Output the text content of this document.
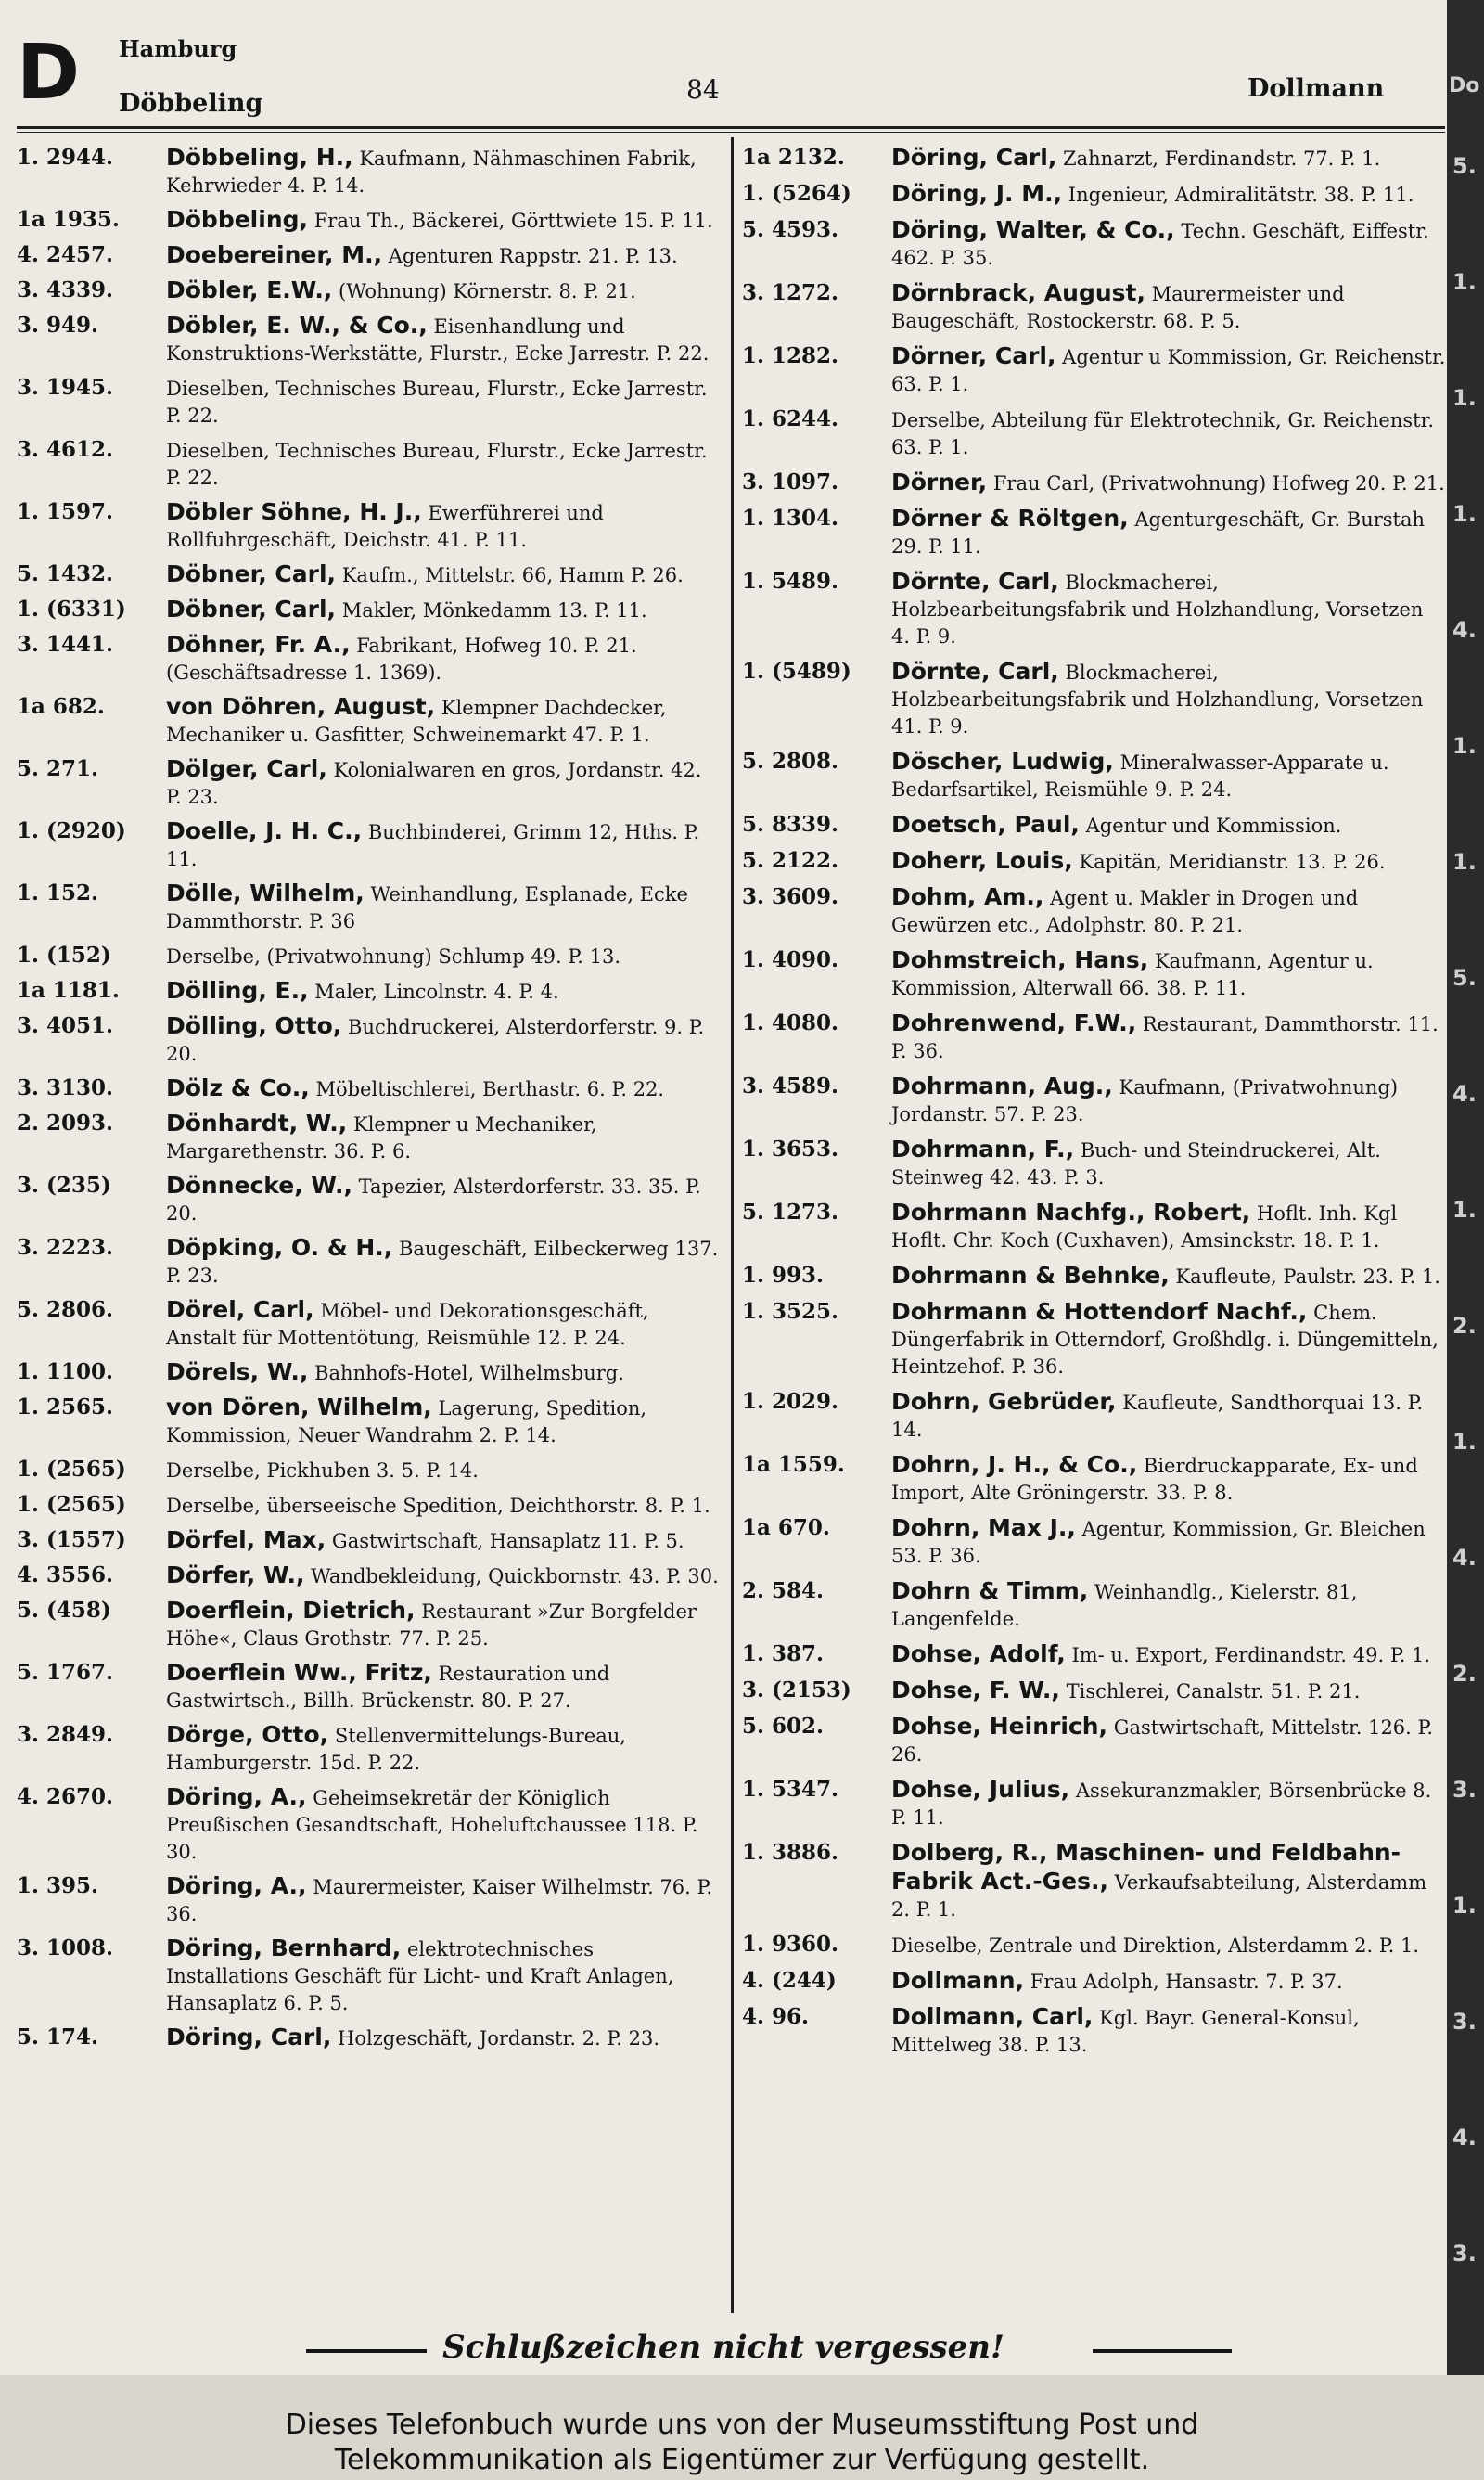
D Hamburg
Döbbeling	84	Dollmann
1. 2944.	Döbbeling, H., Kaufmann, Nähmaschinen Fabrik, Kehrwieder 4. P. 14.
1a 1935.	Döbbeling, Frau Th., Bäckerei, Görttwiete 15. P. 11.
4. 2457.	Doebereiner, M., Agenturen Rappstr. 21. P. 13.
3. 4339.	Döbler, E.W., (Wohnung) Körnerstr. 8. P. 21.
3. 949.	Döbler, E. W., & Co., Eisenhandlung und Konstruktions-Werkstätte, Flurstr., Ecke Jarrestr. P. 22.
3. 1945.	Dieselben, Technisches Bureau, Flurstr., Ecke Jarrestr. P. 22.
3. 4612.	Dieselben, Technisches Bureau, Flurstr., Ecke Jarrestr. P. 22.
1. 1597.	Döbler Söhne, H. J., Ewerführerei und Rollfuhrgeschäft, Deichstr. 41. P. 11.
5. 1432.	Döbner, Carl, Kaufm., Mittelstr. 66, Hamm P. 26.
1. (6331)	Döbner, Carl, Makler, Mönkedamm 13. P. 11.
3. 1441.	Döhner, Fr. A., Fabrikant, Hofweg 10. P. 21. (Geschäftsadresse 1. 1369).
1a 682.	von Döhren, August, Klempner Dachdecker, Mechaniker u. Gasfitter, Schweinemarkt 47. P. 1.
5. 271.	Dölger, Carl, Kolonialwaren en gros, Jordanstr. 42. P. 23.
1. (2920)	Doelle, J. H. C., Buchbinderei, Grimm 12, Hths. P. 11.
1. 152.	Dölle, Wilhelm, Weinhandlung, Esplanade, Ecke Dammthorstr. P. 36
1. (152)	Derselbe, (Privatwohnung) Schlump 49. P. 13.
1a 1181.	Dölling, E., Maler, Lincolnstr. 4. P. 4.
3. 4051.	Dölling, Otto, Buchdruckerei, Alsterdorferstr. 9. P. 20.
3. 3130.	Dölz & Co., Möbeltischlerei, Berthastr. 6. P. 22.
2. 2093.	Dönhardt, W., Klempner u Mechaniker, Margarethenstr. 36. P. 6.
3. (235)	Dönnecke, W., Tapezier, Alsterdorferstr. 33. 35. P. 20.
3. 2223.	Döpking, O. & H., Baugeschäft, Eilbeckerweg 137. P. 23.
5. 2806.	Dörel, Carl, Möbel- und Dekorationsgeschäft, Anstalt für Mottentötung, Reismühle 12. P. 24.
1. 1100.	Dörels, W., Bahnhofs-Hotel, Wilhelmsburg.
1. 2565.	von Dören, Wilhelm, Lagerung, Spedition, Kommission, Neuer Wandrahm 2. P. 14.
1. (2565)	Derselbe, Pickhuben 3. 5. P. 14.
1. (2565)	Derselbe, überseeische Spedition, Deichthorstr. 8. P. 1.
3. (1557)	Dörfel, Max, Gastwirtschaft, Hansaplatz 11. P. 5.
4. 3556.	Dörfer, W., Wandbekleidung, Quickbornstr. 43. P. 30.
5. (458)	Doerflein, Dietrich, Restaurant »Zur Borgfelder Höhe«, Claus Grothstr. 77. P. 25.
5. 1767.	Doerflein Ww., Fritz, Restauration und Gastwirtsch., Billh. Brückenstr. 80. P. 27.
3. 2849.	Dörge, Otto, Stellenvermittelungs-Bureau, Hamburgerstr. 15d. P. 22.
4. 2670.	Döring, A., Geheimsekretär der Königlich Preußischen Gesandtschaft, Hoheluftchaussee 118. P. 30.
1. 395.	Döring, A., Maurermeister, Kaiser Wilhelmstr. 76. P. 36.
3. 1008.	Döring, Bernhard, elektrotechnisches Installations Geschäft für Licht- und Kraft Anlagen, Hansaplatz 6. P. 5.
5. 174.	Döring, Carl, Holzgeschäft, Jordanstr. 2. P. 23.
1a 2132.	Döring, Carl, Zahnarzt, Ferdinandstr. 77. P. 1.
1. (5264)	Döring, J. M., Ingenieur, Admiralitätstr. 38. P. 11.
5. 4593.	Döring, Walter, & Co., Techn. Geschäft, Eiffestr. 462. P. 35.
3. 1272.	Dörnbrack, August, Maurermeister und Baugeschäft, Rostockerstr. 68. P. 5.
1. 1282.	Dörner, Carl, Agentur u Kommission, Gr. Reichenstr. 63. P. 1.
1. 6244.	Derselbe, Abteilung für Elektrotechnik, Gr. Reichenstr. 63. P. 1.
3. 1097.	Dörner, Frau Carl, (Privatwohnung) Hofweg 20. P. 21.
1. 1304.	Dörner & Röltgen, Agenturgeschäft, Gr. Burstah 29. P. 11.
1. 5489.	Dörnte, Carl, Blockmacherei, Holzbearbeitungsfabrik und Holzhandlung, Vorsetzen 4. P. 9.
1. (5489)	Dörnte, Carl, Blockmacherei, Holzbearbeitungsfabrik und Holzhandlung, Vorsetzen 41. P. 9.
5. 2808.	Döscher, Ludwig, Mineralwasser-Apparate u. Bedarfsartikel, Reismühle 9. P. 24.
5. 8339.	Doetsch, Paul, Agentur und Kommission.
5. 2122.	Doherr, Louis, Kapitän, Meridianstr. 13. P. 26.
3. 3609.	Dohm, Am., Agent u. Makler in Drogen und Gewürzen etc., Adolphstr. 80. P. 21.
1. 4090.	Dohmstreich, Hans, Kaufmann, Agentur u. Kommission, Alterwall 66. 38. P. 11.
1. 4080.	Dohrenwend, F.W., Restaurant, Dammthorstr. 11. P. 36.
3. 4589.	Dohrmann, Aug., Kaufmann, (Privatwohnung) Jordanstr. 57. P. 23.
1. 3653.	Dohrmann, F., Buch- und Steindruckerei, Alt. Steinweg 42. 43. P. 3.
5. 1273.	Dohrmann Nachfg., Robert, Hoflt. Inh. Kgl Hoflt. Chr. Koch (Cuxhaven), Amsinckstr. 18. P. 1.
1. 993.	Dohrmann & Behnke, Kaufleute, Paulstr. 23. P. 1.
1. 3525.	Dohrmann & Hottendorf Nachf., Chem. Düngerfabrik in Otterndorf, Großhdlg. i. Düngemitteln, Heintzehof. P. 36.
1. 2029.	Dohrn, Gebrüder, Kaufleute, Sandthorquai 13. P. 14.
1a 1559.	Dohrn, J. H., & Co., Bierdruckapparate, Ex- und Import, Alte Gröningerstr. 33. P. 8.
1a 670.	Dohrn, Max J., Agentur, Kommission, Gr. Bleichen 53. P. 36.
2. 584.	Dohrn & Timm, Weinhandlg., Kielerstr. 81, Langenfelde.
1. 387.	Dohse, Adolf, Im- u. Export, Ferdinandstr. 49. P. 1.
3. (2153)	Dohse, F. W., Tischlerei, Canalstr. 51. P. 21.
5. 602.	Dohse, Heinrich, Gastwirtschaft, Mittelstr. 126. P. 26.
1. 5347.	Dohse, Julius, Assekuranzmakler, Börsenbrücke 8. P. 11.
1. 3886.	Dolberg, R., Maschinen- und Feldbahn-Fabrik Act.-Ges., Verkaufsabteilung, Alsterdamm 2. P. 1.
1. 9360.	Dieselbe, Zentrale und Direktion, Alsterdamm 2. P. 1.
4. (244)	Dollmann, Frau Adolph, Hansastr. 7. P. 37.
4. 96.	Dollmann, Carl, Kgl. Bayr. General-Konsul, Mittelweg 38. P. 13.
Schlußzeichen nicht vergessen!
Do
Dieses Telefonbuch wurde uns von der Museumsstiftung Post und
Telekommunikation als Eigentümer zur Verfügung gestellt.
5.
1.
1.
1.
4.
1.
1.
5.
4.
1.
2.
1.
4.
2.
3.
1.
3.
4.
3.
